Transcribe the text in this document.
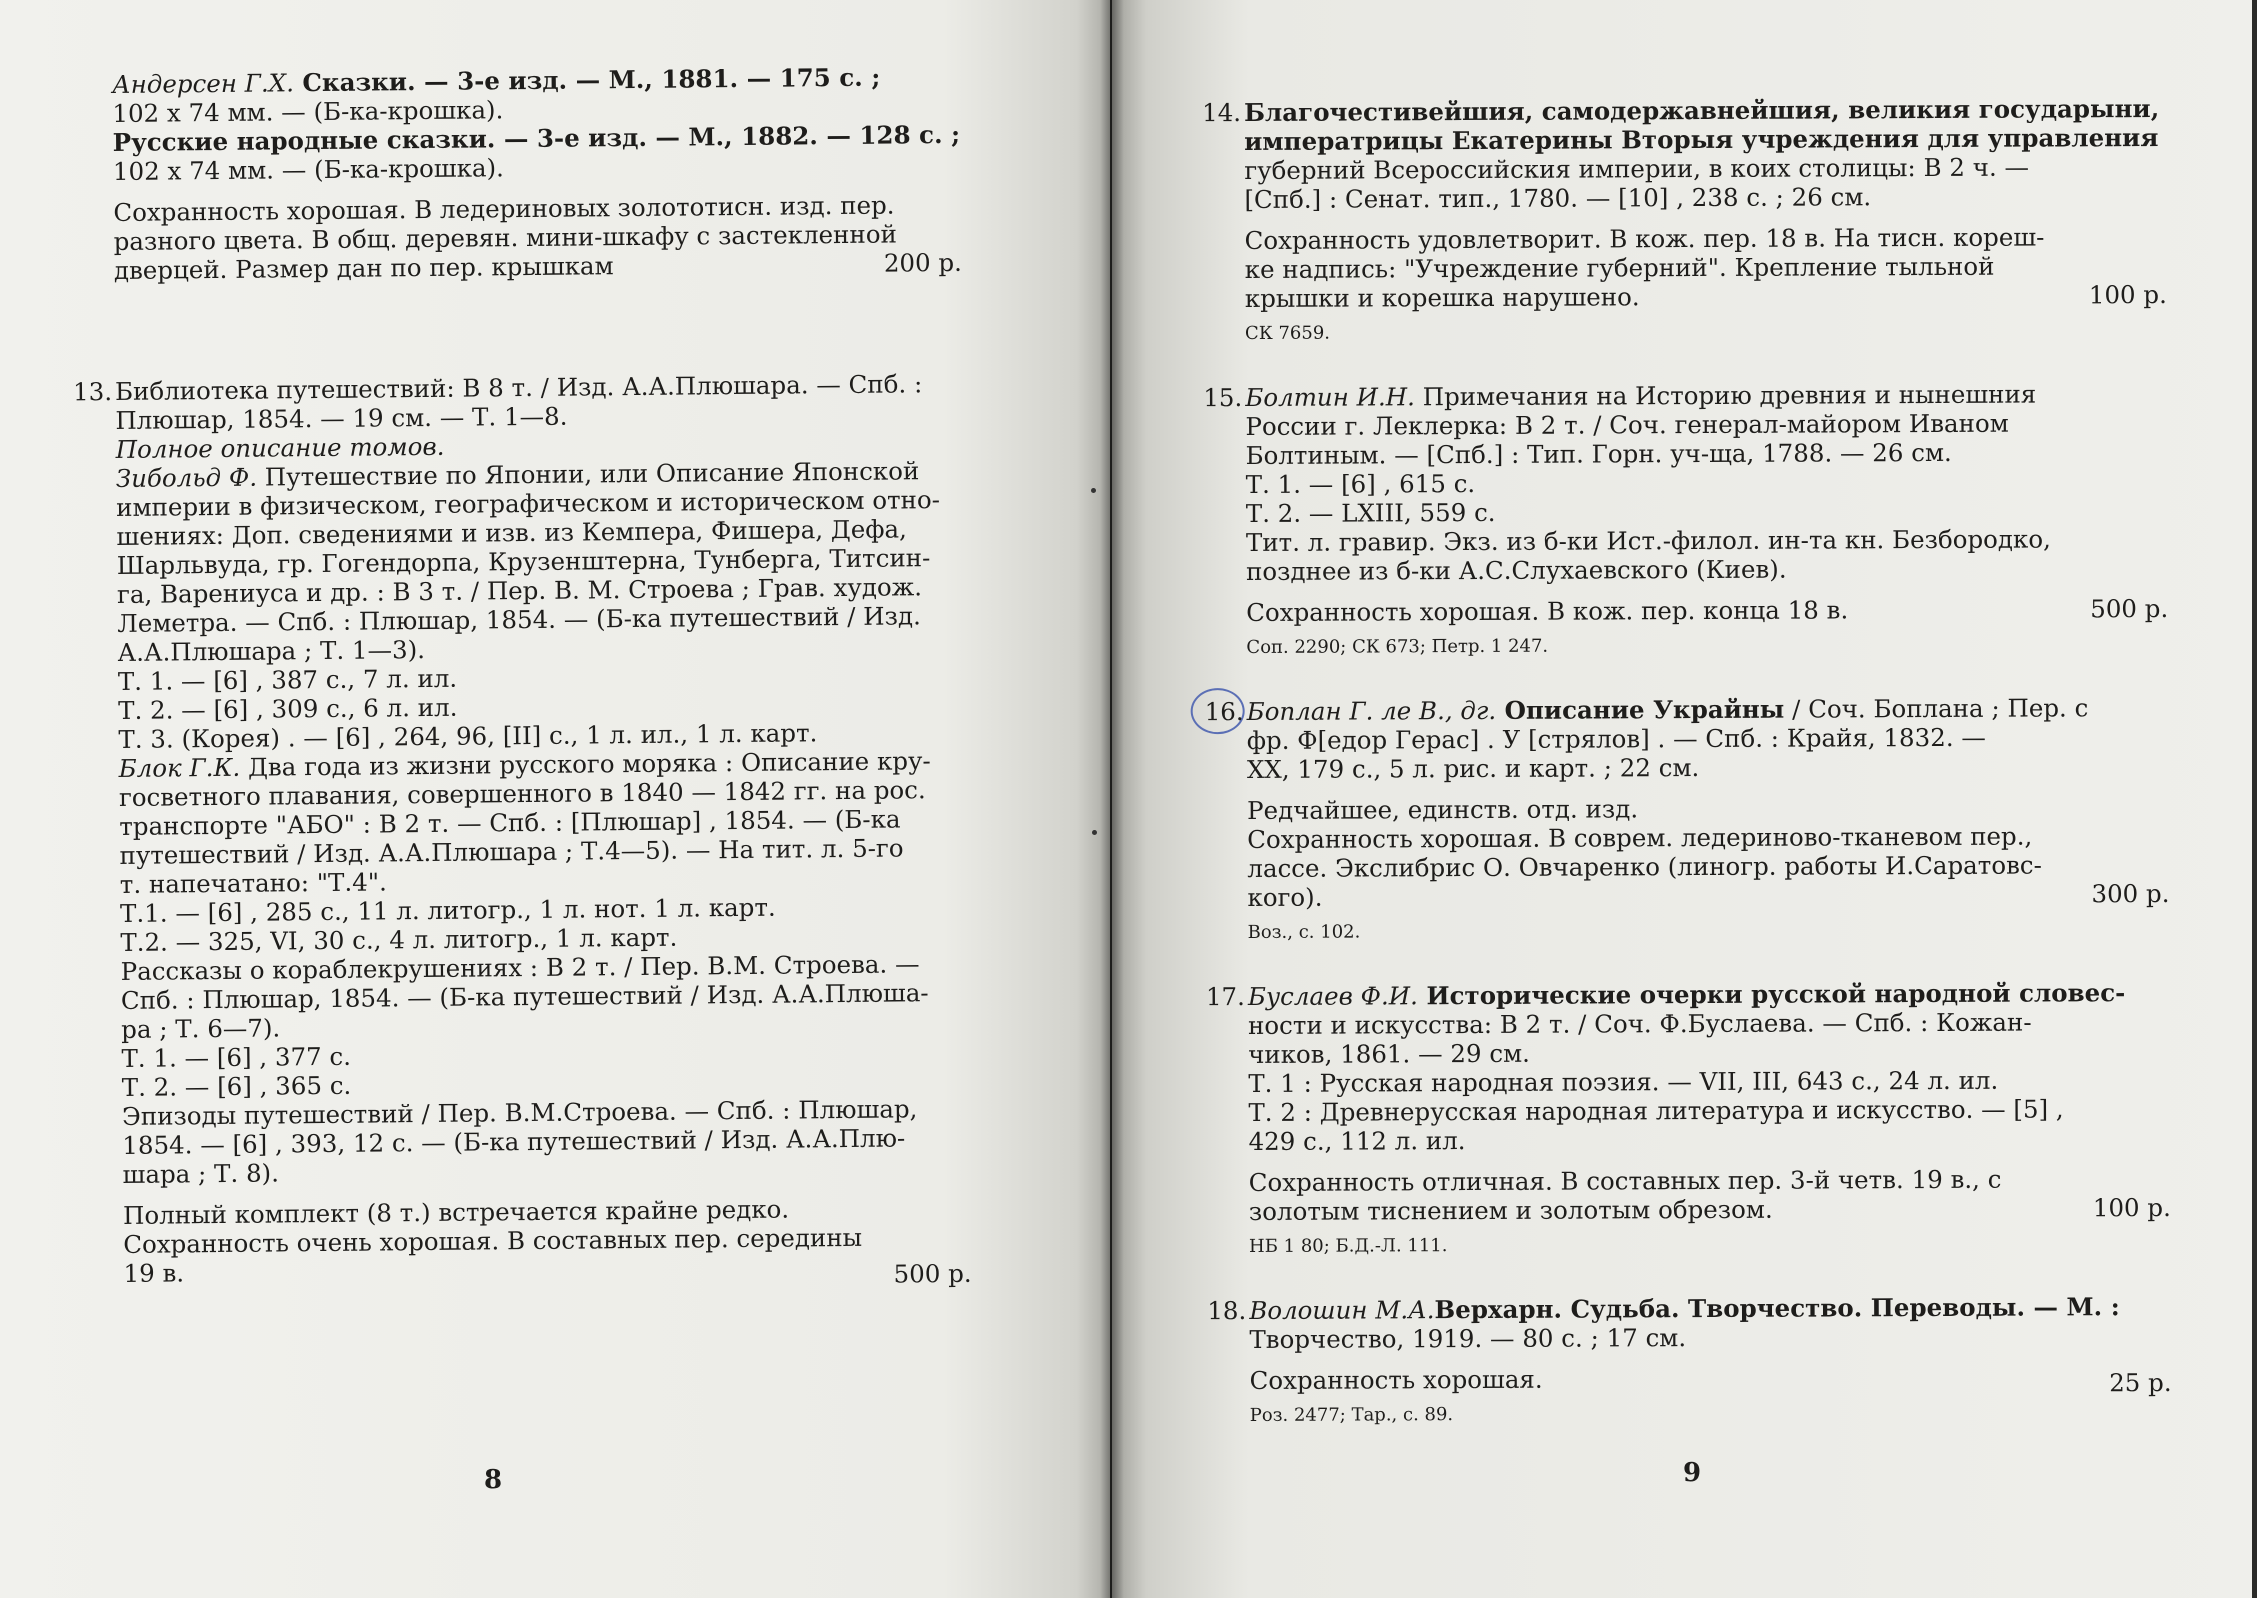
Андерсен Г.Х. Сказки. — 3-е изд. — М., 1881. — 175 с. ;
102 х 74 мм. — (Б-ка-крошка).
Русские народные сказки. — 3-е изд. — М., 1882. — 128 с. ;
102 х 74 мм. — (Б-ка-крошка).
Сохранность хорошая. В ледериновых золототисн. изд. пер.
разного цвета. В общ. деревян. мини-шкафу с застекленной
дверцей. Размер дан по пер. крышкам	200 р.
13. Библиотека путешествий: В 8 т. / Изд. А.А.Плюшара. — Спб. :
Плюшар, 1854. — 19 см. — Т. 1—8.
Полное описание томов.
Зибольд Ф. Путешествие по Японии, или Описание Японской
империи в физическом, географическом и историческом отно-
шениях: Доп. сведениями и изв. из Кемпера, Фишера, Дефа,
Шарльвуда, гр. Гогендорпа, Крузенштерна, Тунберга, Титсин-
га, Варениуса и др. : В 3 т. / Пер. В. М. Строева ; Грав. худож.
Леметра. — Спб. : Плюшар, 1854. — (Б-ка путешествий / Изд.
А.А.Плюшара ; Т. 1—3).
Т. 1. — [6] , 387 с., 7 л. ил.
Т. 2. — [6] , 309 с., 6 л. ил.
Т. 3. (Корея) . — [6] , 264, 96, [II] с., 1 л. ил., 1 л. карт.
Блок Г.К. Два года из жизни русского моряка : Описание кру-
госветного плавания, совершенного в 1840 — 1842 гг. на рос.
транспорте "АБО" : В 2 т. — Спб. : [Плюшар] , 1854. — (Б-ка
путешествий / Изд. А.А.Плюшара ; Т.4—5). — На тит. л. 5-го
т. напечатано: "Т.4".
Т.1. — [6] , 285 с., 11 л. литогр., 1 л. нот. 1 л. карт.
Т.2. — 325, VI, 30 с., 4 л. литогр., 1 л. карт.
Рассказы о кораблекрушениях : В 2 т. / Пер. В.М. Строева. —
Спб. : Плюшар, 1854. — (Б-ка путешествий / Изд. А.А.Плюша-
ра ; Т. 6—7).
Т. 1. — [6] , 377 с.
Т. 2. — [6] , 365 с.
Эпизоды путешествий / Пер. В.М.Строева. — Спб. : Плюшар,
1854. — [6] , 393, 12 с. — (Б-ка путешествий / Изд. А.А.Плю-
шара ; Т. 8).
Полный комплект (8 т.) встречается крайне редко.
Сохранность очень хорошая. В составных пер. середины
19 в.	500 р.
8
14. Благочестивейшия, самодержавнейшия, великия государыни,
императрицы Екатерины Вторыя учреждения для управления
губерний Всероссийския империи, в коих столицы: В 2 ч. —
[Спб.] : Сенат. тип., 1780. — [10] , 238 с. ; 26 см.
Сохранность удовлетворит. В кож. пер. 18 в. На тисн. кореш-
ке надпись: "Учреждение губерний". Крепление тыльной
крышки и корешка нарушено.	100 р.
СК 7659.
15. Болтин И.Н. Примечания на Историю древния и нынешния
России г. Леклерка: В 2 т. / Соч. генерал-майором Иваном
Болтиным. — [Спб.] : Тип. Горн. уч-ща, 1788. — 26 см.
Т. 1. — [6] , 615 с.
Т. 2. — LXIII, 559 с.
Тит. л. гравир. Экз. из б-ки Ист.-филол. ин-та кн. Безбородко,
позднее из б-ки А.С.Слухаевского (Киев).
Сохранность хорошая. В кож. пер. конца 18 в.	500 р.
Соп. 2290; СК 673; Петр. 1 247.
16. Боплан Г. ле В., дг. Описание Украйны / Соч. Боплана ; Пер. с
фр. Ф[едор Герас] . У [стрялов] . — Спб. : Крайя, 1832. —
XX, 179 с., 5 л. рис. и карт. ; 22 см.
Редчайшее, единств. отд. изд.
Сохранность хорошая. В соврем. ледериново-тканевом пер.,
лассе. Экслибрис О. Овчаренко (линогр. работы И.Саратовс-
кого).	300 р.
Воз., с. 102.
17. Буслаев Ф.И. Исторические очерки русской народной словес-
ности и искусства: В 2 т. / Соч. Ф.Буслаева. — Спб. : Кожан-
чиков, 1861. — 29 см.
Т. 1 : Русская народная поэзия. — VII, III, 643 с., 24 л. ил.
Т. 2 : Древнерусская народная литература и искусство. — [5] ,
429 с., 112 л. ил.
Сохранность отличная. В составных пер. 3-й четв. 19 в., с
золотым тиснением и золотым обрезом.	100 р.
НБ 1 80; Б.Д.-Л. 111.
18. Волошин М.А.Верхарн. Судьба. Творчество. Переводы. — М. :
Творчество, 1919. — 80 с. ; 17 см.
Сохранность хорошая.	25 р.
Роз. 2477; Тар., с. 89.
9
